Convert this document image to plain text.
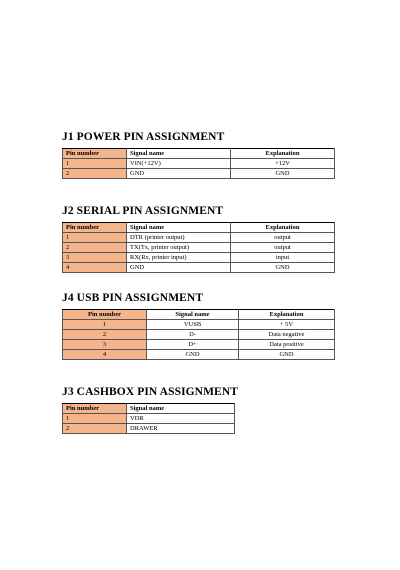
J1 POWER PIN ASSIGNMENT
Pin number	Signal name	Explanation
1	VIN(+12V)	+12V
2	GND	GND
J2 SERIAL PIN ASSIGNMENT
Pin number	Signal name	Explanation
1	DTR (printer output)	output
2	TX(Tx, printer output)	output
3	RX(Rx, printer input)	input
4	GND	GND
J4 USB PIN ASSIGNMENT
Pin number	Signal name	Explanation
1	VUSB	+ 5V
2	D-	Data negative
3	D+	Data positive
4	GND	GND
J3 CASHBOX PIN ASSIGNMENT
Pin number	Signal name
1	VDR
2	DRAWER
